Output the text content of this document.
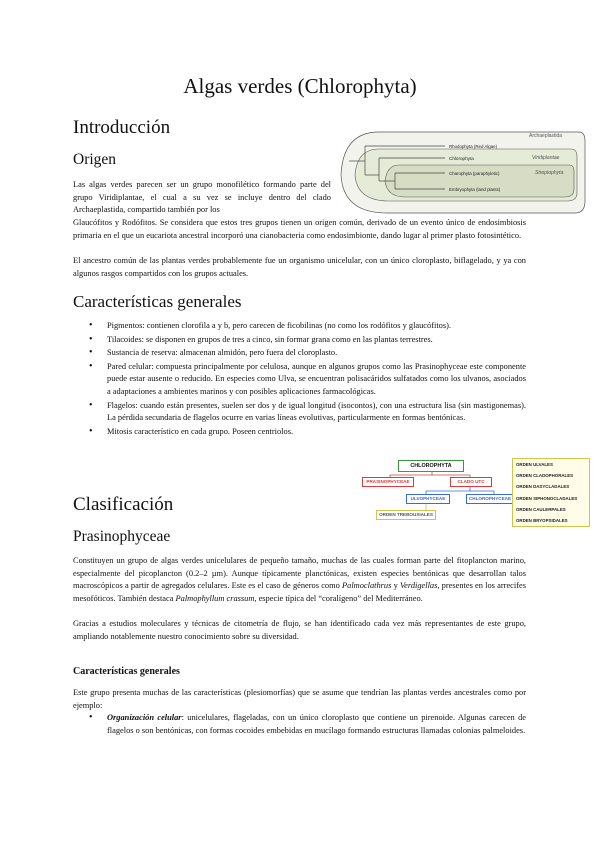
Algas verdes (Chlorophyta)
Introducción
Origen

Las algas verdes parecen ser un grupo monofilético formando parte del grupo Viridiplantae, el cual a su vez se incluye dentro del clado Archaeplastida, compartido también por los

Glaucófitos y Rodófitos. Se considera que estos tres grupos tienen un origen común, derivado de un evento único de endosimbiosis primaria en el que un eucariota ancestral incorporó una cianobacteria como endosimbionte, dando lugar al primer plasto fotosintético.

El ancestro común de las plantas verdes probablemente fue un organismo unicelular, con un único cloroplasto, biflagelado, y ya con algunos rasgos compartidos con los grupos actuales.

Archaeplastida
Rhodophyta (Red Algae)
Chlorophyta	Viridiplantae
Charophyta (paraphyletic)	Streptophyta
Embryophyta (land plants)
Características generales
• Pigmentos: contienen clorofila a y b, pero carecen de ficobilinas (no como los rodófitos y glaucófitos).
• Tilacoides: se disponen en grupos de tres a cinco, sin formar grana como en las plantas terrestres.
• Sustancia de reserva: almacenan almidón, pero fuera del cloroplasto.
• Pared celular: compuesta principalmente por celulosa, aunque en algunos grupos como las Prasinophyceae este componente puede estar ausente o reducido. En especies como Ulva, se encuentran polisacáridos sulfatados como los ulvanos, asociados a adaptaciones a ambientes marinos y con posibles aplicaciones farmacológicas.
• Flagelos: cuando están presentes, suelen ser dos y de igual longitud (isocontos), con una estructura lisa (sin mastigonemas). La pérdida secundaria de flagelos ocurre en varias líneas evolutivas, particularmente en formas bentónicas.
• Mitosis característico en cada grupo. Poseen centriolos.
CHLOROPHYTA
PRASINOPHYCEAE	CLADO UTC
ULVOPHYCEAE	CHLOROPHYCEAE
ORDEN TREBOUXIALES
ORDEN ULVALES
ORDEN CLADOPHORALES
ORDEN DASYCLADALES
ORDEN SIPHONOCLADALES
ORDEN CAULERPALES
ORDEN BRYOPSIDALES
Clasificación
Prasinophyceae

Constituyen un grupo de algas verdes unicelulares de pequeño tamaño, muchas de las cuales forman parte del fitoplancton marino, especialmente del picoplancton (0.2–2 µm). Aunque típicamente planctónicas, existen especies bentónicas que desarrollan talos macroscópicos a partir de agregados celulares. Este es el caso de géneros como Palmoclathrus y Verdigellas, presentes en los arrecifes mesofóticos. También destaca Palmophyllum crassum, especie típica del “coralígeno” del Mediterráneo.

Gracias a estudios moleculares y técnicas de citometría de flujo, se han identificado cada vez más representantes de este grupo, ampliando notablemente nuestro conocimiento sobre su diversidad.

Características generales

Este grupo presenta muchas de las características (plesiomorfías) que se asume que tendrían las plantas verdes ancestrales como por ejemplo:

• Organización celular: unicelulares, flageladas, con un único cloroplasto que contiene un pirenoide. Algunas carecen de flagelos o son bentónicas, con formas cocoides embebidas en mucílago formando estructuras llamadas colonias palmeloides.
